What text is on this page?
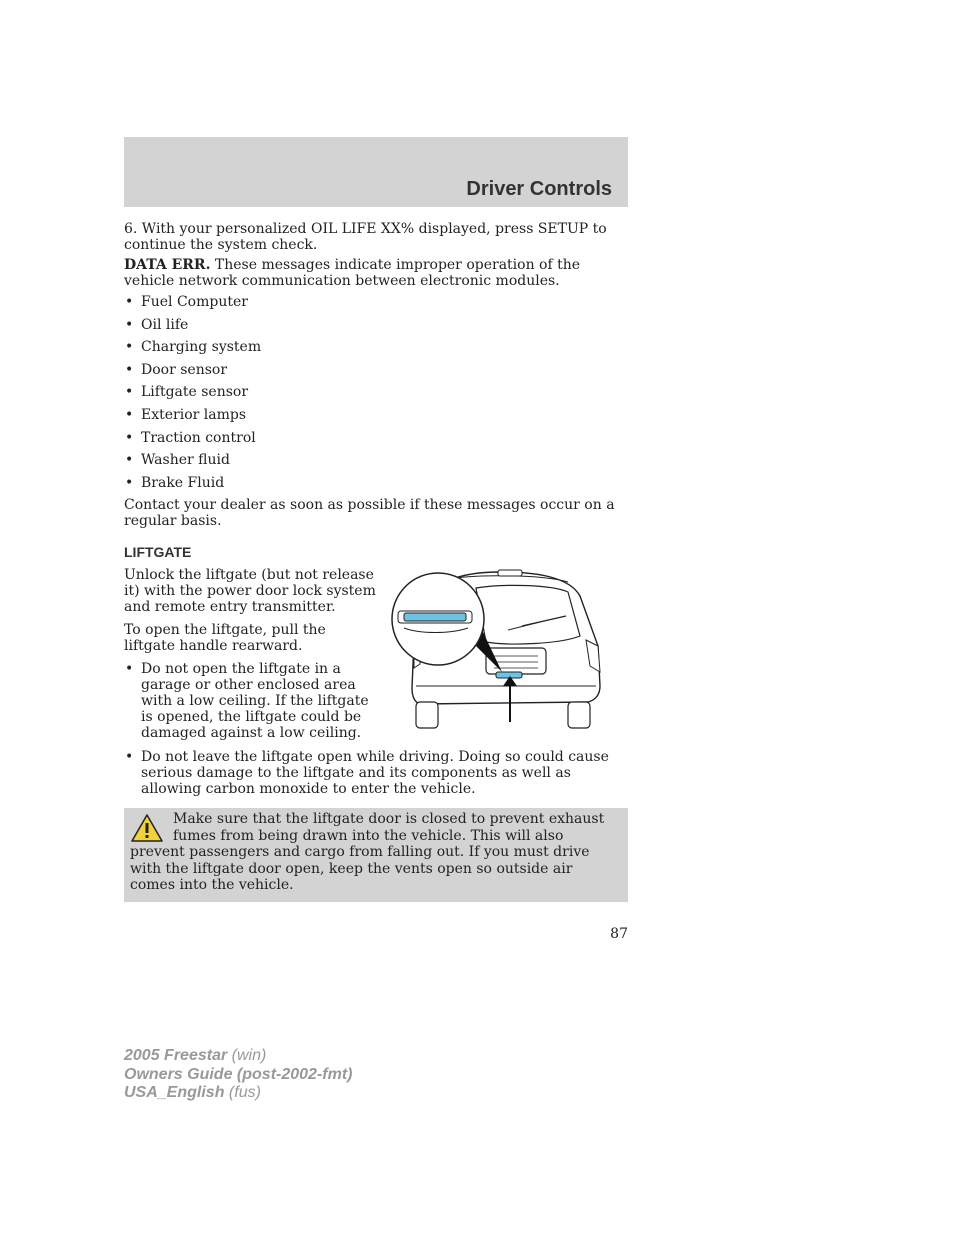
Driver Controls

6. With your personalized OIL LIFE XX% displayed, press SETUP to continue the system check.

DATA ERR. These messages indicate improper operation of the vehicle network communication between electronic modules.

• Fuel Computer
• Oil life
• Charging system
• Door sensor
• Liftgate sensor
• Exterior lamps
• Traction control
• Washer fluid
• Brake Fluid

Contact your dealer as soon as possible if these messages occur on a regular basis.

LIFTGATE

Unlock the liftgate (but not release it) with the power door lock system and remote entry transmitter.

To open the liftgate, pull the liftgate handle rearward.

• Do not open the liftgate in a garage or other enclosed area with a low ceiling. If the liftgate is opened, the liftgate could be damaged against a low ceiling.
• Do not leave the liftgate open while driving. Doing so could cause serious damage to the liftgate and its components as well as allowing carbon monoxide to enter the vehicle.
Make sure that the liftgate door is closed to prevent exhaust fumes from being drawn into the vehicle. This will also prevent passengers and cargo from falling out. If you must drive with the liftgate door open, keep the vents open so outside air comes into the vehicle.
87
2005 Freestar (win)
Owners Guide (post-2002-fmt)
USA_English (fus)
